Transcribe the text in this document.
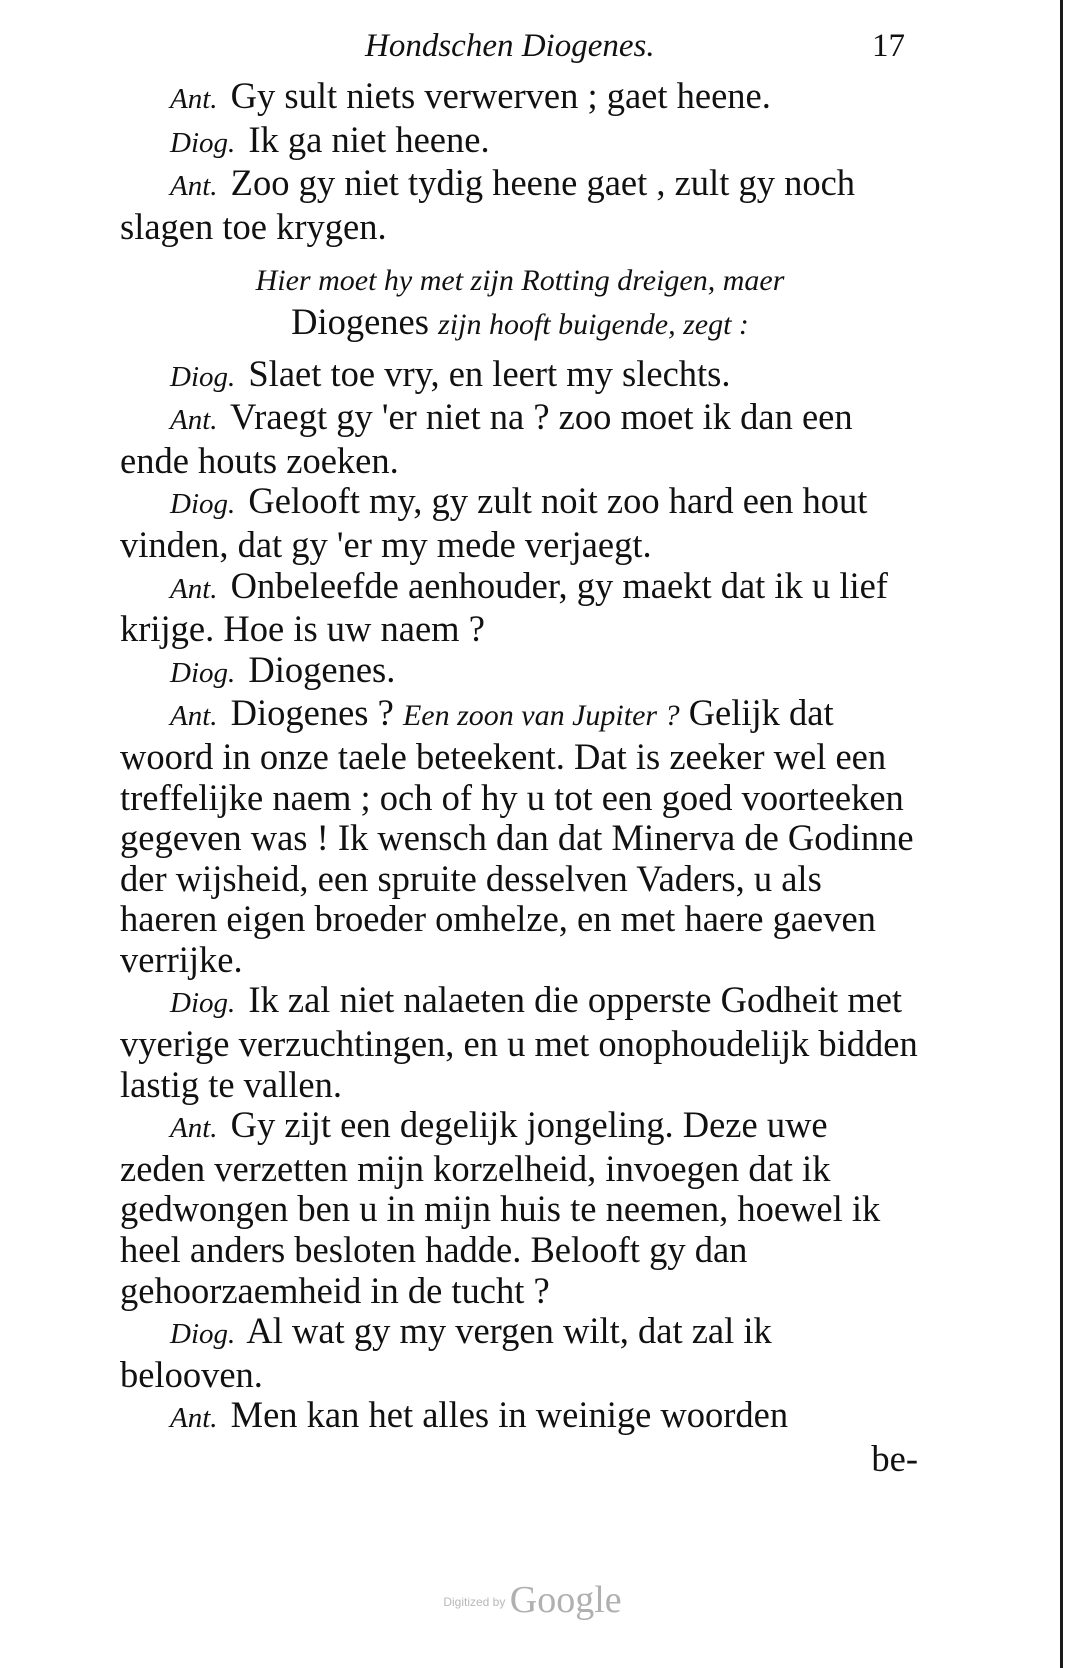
Hondschen Diogenes.	17
Ant. Gy sult niets verwerven ; gaet heene.
Diog. Ik ga niet heene.
Ant. Zoo gy niet tydig heene gaet , zult gy noch slagen toe krygen.
Hier moet hy met zijn Rotting dreigen, maer
Diogenes zijn hooft buigende, zegt :
Diog. Slaet toe vry, en leert my slechts.
Ant. Vraegt gy 'er niet na ? zoo moet ik dan een ende houts zoeken.
Diog. Gelooft my, gy zult noit zoo hard een hout vinden, dat gy 'er my mede verjaegt.
Ant. Onbeleefde aenhouder, gy maekt dat ik u lief krijge. Hoe is uw naem ?
Diog. Diogenes.
Ant. Diogenes ? Een zoon van Jupiter ? Gelijk dat woord in onze taele beteekent. Dat is zeeker wel een treffelijke naem ; och of hy u tot een goed voorteeken gegeven was ! Ik wensch dan dat Minerva de Godinne der wijsheid, een spruite desselven Vaders, u als haeren eigen broeder omhelze, en met haere gaeven verrijke.
Diog. Ik zal niet nalaeten die opperste Godheit met vyerige verzuchtingen, en u met onophoudelijk bidden lastig te vallen.
Ant. Gy zijt een degelijk jongeling. Deze uwe zeden verzetten mijn korzelheid, invoegen dat ik gedwongen ben u in mijn huis te neemen, hoewel ik heel anders besloten hadde. Belooft gy dan gehoorzaemheid in de tucht ?
Diog. Al wat gy my vergen wilt, dat zal ik belooven.
Ant. Men kan het alles in weinige woorden
be-
Digitized by Google
